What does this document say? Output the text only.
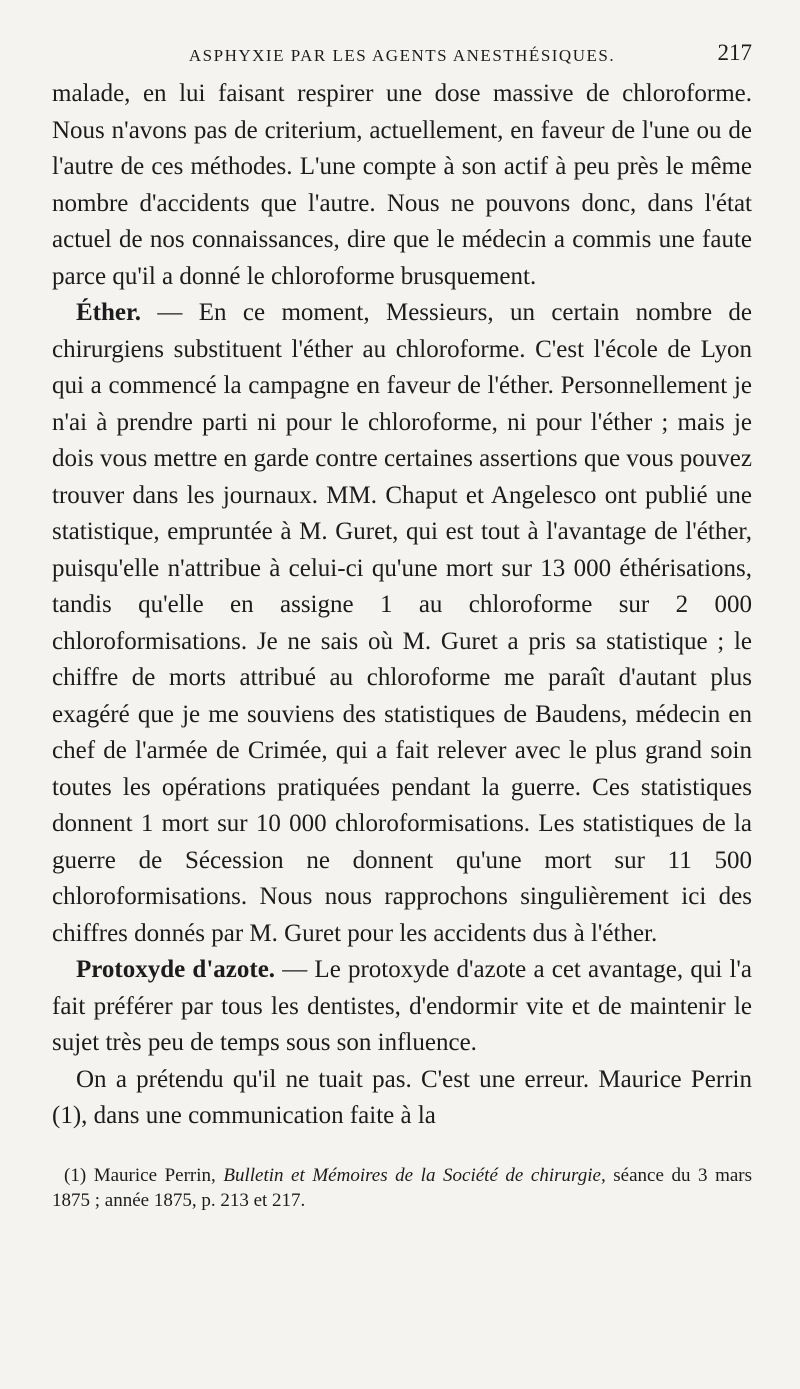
ASPHYXIE PAR LES AGENTS ANESTHÉSIQUES.	217

malade, en lui faisant respirer une dose massive de chloroforme. Nous n'avons pas de criterium, actuellement, en faveur de l'une ou de l'autre de ces méthodes. L'une compte à son actif à peu près le même nombre d'accidents que l'autre. Nous ne pouvons donc, dans l'état actuel de nos connaissances, dire que le médecin a commis une faute parce qu'il a donné le chloroforme brusquement.

Éther. — En ce moment, Messieurs, un certain nombre de chirurgiens substituent l'éther au chloroforme. C'est l'école de Lyon qui a commencé la campagne en faveur de l'éther. Personnellement je n'ai à prendre parti ni pour le chloroforme, ni pour l'éther ; mais je dois vous mettre en garde contre certaines assertions que vous pouvez trouver dans les journaux. MM. Chaput et Angelesco ont publié une statistique, empruntée à M. Guret, qui est tout à l'avantage de l'éther, puisqu'elle n'attribue à celui-ci qu'une mort sur 13 000 éthérisations, tandis qu'elle en assigne 1 au chloroforme sur 2 000 chloroformisations. Je ne sais où M. Guret a pris sa statistique ; le chiffre de morts attribué au chloroforme me paraît d'autant plus exagéré que je me souviens des statistiques de Baudens, médecin en chef de l'armée de Crimée, qui a fait relever avec le plus grand soin toutes les opérations pratiquées pendant la guerre. Ces statistiques donnent 1 mort sur 10 000 chloroformisations. Les statistiques de la guerre de Sécession ne donnent qu'une mort sur 11 500 chloroformisations. Nous nous rapprochons singulièrement ici des chiffres donnés par M. Guret pour les accidents dus à l'éther.

Protoxyde d'azote. — Le protoxyde d'azote a cet avantage, qui l'a fait préférer par tous les dentistes, d'endormir vite et de maintenir le sujet très peu de temps sous son influence.

On a prétendu qu'il ne tuait pas. C'est une erreur. Maurice Perrin (1), dans une communication faite à la

(1) Maurice Perrin, Bulletin et Mémoires de la Société de chirurgie, séance du 3 mars 1875 ; année 1875, p. 213 et 217.
